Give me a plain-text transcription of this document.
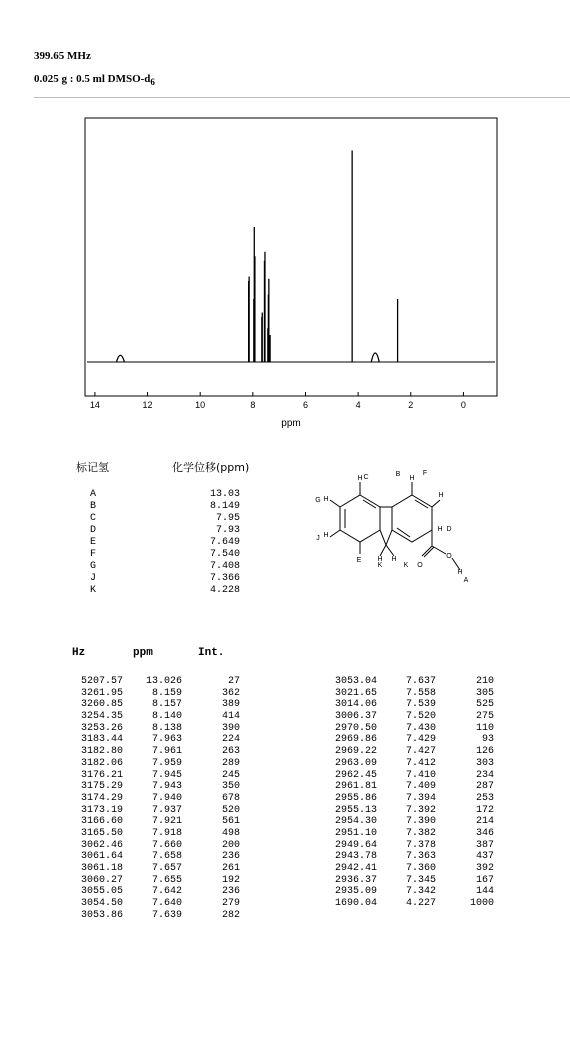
399.65 MHz
0.025 g : 0.5 ml DMSO-$d_6$
14	12	10	8	6	4	2	0
ppm
标记氢	化学位移(ppm)
A	13.03
B	8.149
C	7.95
D	7.93
E	7.649
F	7.540
G	7.408
J	7.366
K	4.228
C
H
B
H
F
H
G H
H D
J H
H H
E
K	K O
O
H
A
Hz	ppm	Int.
5207.57 13.026	27
3261.95	8.159	362
3260.85	8.157	389
3254.35	8.140	414
3253.26	8.138	390
3183.44	7.963	224
3182.80	7.961	263
3182.06	7.959	289
3176.21	7.945	245
3175.29	7.943	350
3174.29	7.940	678
3173.19	7.937	520
3166.60	7.921	561
3165.50	7.918	498
3062.46	7.660	200
3061.64	7.658	236
3061.18	7.657	261
3060.27	7.655	192
3055.05	7.642	236
3054.50	7.640	279
3053.86	7.639	282
3053.04	7.637	210
3021.65	7.558	305
3014.06	7.539	525
3006.37	7.520	275
2970.50	7.430	110
2969.86	7.429	93
2969.22	7.427	126
2963.09	7.412	303
2962.45	7.410	234
2961.81	7.409	287
2955.86	7.394	253
2955.13	7.392	172
2954.30	7.390	214
2951.10	7.382	346
2949.64	7.378	387
2943.78	7.363	437
2942.41	7.360	392
2936.37	7.345	167
2935.09	7.342	144
1690.04	4.227	1000
